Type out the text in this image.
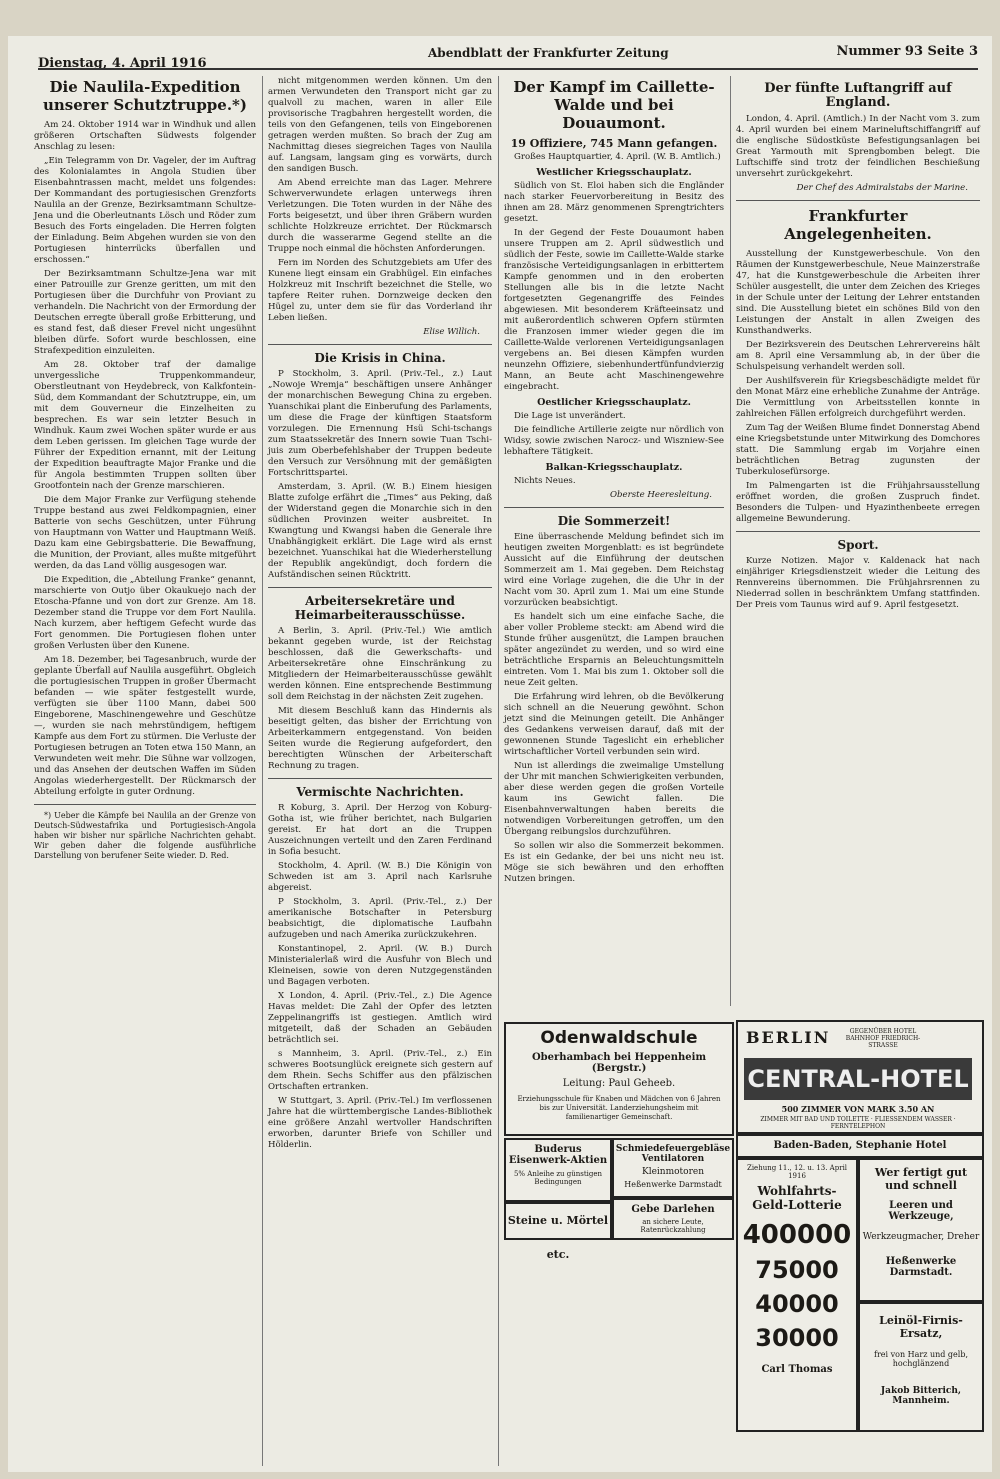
Dienstag, 4. April 1916
Abendblatt der Frankfurter Zeitung	Nummer 93 Seite 3
Die Naulila-Expedition unserer Schutztruppe.*)

Am 24. Oktober 1914 war in Windhuk und allen größeren Ortschaften Südwests folgender Anschlag zu lesen:

„Ein Telegramm von Dr. Vageler, der im Auftrag des Kolonialamtes in Angola Studien über Eisenbahntrassen macht, meldet uns folgendes: Der Kommandant des portugiesischen Grenzforts Naulila an der Grenze, Bezirksamtmann Schultze-Jena und die Oberleutnants Lösch und Röder zum Besuch des Forts eingeladen. Die Herren folgten der Einladung. Beim Abgehen wurden sie von den Portugiesen hinterrücks überfallen und erschossen.“

Der Bezirksamtmann Schultze-Jena war mit einer Patrouille zur Grenze geritten, um mit den Portugiesen über die Durchfuhr von Proviant zu verhandeln. Die Nachricht von der Ermordung der Deutschen erregte überall große Erbitterung, und es stand fest, daß dieser Frevel nicht ungesühnt bleiben dürfe. Sofort wurde beschlossen, eine Strafexpedition einzuleiten.

Am 28. Oktober traf der damalige unvergessliche Truppenkommandeur, Oberstleutnant von Heydebreck, von Kalkfontein-Süd, dem Kommandant der Schutztruppe, ein, um mit dem Gouverneur die Einzelheiten zu besprechen. Es war sein letzter Besuch in Windhuk. Kaum zwei Wochen später wurde er aus dem Leben gerissen. Im gleichen Tage wurde der Führer der Expedition ernannt, mit der Leitung der Expedition beauftragte Major Franke und die für Angola bestimmten Truppen sollten über Grootfontein nach der Grenze marschieren.

Die dem Major Franke zur Verfügung stehende Truppe bestand aus zwei Feldkompagnien, einer Batterie von sechs Geschützen, unter Führung von Hauptmann von Watter und Hauptmann Weiß. Dazu kam eine Gebirgsbatterie. Die Bewaffnung, die Munition, der Proviant, alles mußte mitgeführt werden, da das Land völlig ausgesogen war.

Die Expedition, die „Abteilung Franke“ genannt, marschierte von Outjo über Okaukuejo nach der Etoscha-Pfanne und von dort zur Grenze. Am 18. Dezember stand die Truppe vor dem Fort Naulila. Nach kurzem, aber heftigem Gefecht wurde das Fort genommen. Die Portugiesen flohen unter großen Verlusten über den Kunene.

Am 18. Dezember, bei Tagesanbruch, wurde der geplante Überfall auf Naulila ausgeführt. Obgleich die portugiesischen Truppen in großer Übermacht befanden — wie später festgestellt wurde, verfügten sie über 1100 Mann, dabei 500 Eingeborene, Maschinengewehre und Geschütze —, wurden sie nach mehrstündigem, heftigem Kampfe aus dem Fort zu stürmen. Die Verluste der Portugiesen betrugen an Toten etwa 150 Mann, an Verwundeten weit mehr. Die Sühne war vollzogen, und das Ansehen der deutschen Waffen im Süden Angolas wiederhergestellt. Der Rückmarsch der Abteilung erfolgte in guter Ordnung.

*) Ueber die Kämpfe bei Naulila an der Grenze von Deutsch-Südwestafrika und Portugiesisch-Angola haben wir bisher nur spärliche Nachrichten gehabt. Wir geben daher die folgende ausführliche Darstellung von berufener Seite wieder. D. Red.

nicht mitgenommen werden können. Um den armen Verwundeten den Transport nicht gar zu qualvoll zu machen, waren in aller Eile provisorische Tragbahren hergestellt worden, die teils von den Gefangenen, teils von Eingeborenen getragen werden mußten. So brach der Zug am Nachmittag dieses siegreichen Tages von Naulila auf. Langsam, langsam ging es vorwärts, durch den sandigen Busch.

Am Abend erreichte man das Lager. Mehrere Schwerverwundete erlagen unterwegs ihren Verletzungen. Die Toten wurden in der Nähe des Forts beigesetzt, und über ihren Gräbern wurden schlichte Holzkreuze errichtet. Der Rückmarsch durch die wasserarme Gegend stellte an die Truppe noch einmal die höchsten Anforderungen.

Fern im Norden des Schutzgebiets am Ufer des Kunene liegt einsam ein Grabhügel. Ein einfaches Holzkreuz mit Inschrift bezeichnet die Stelle, wo tapfere Reiter ruhen. Dornzweige decken den Hügel zu, unter dem sie für das Vorderland ihr Leben ließen.

Elise Willich.
Die Krisis in China.

P Stockholm, 3. April. (Priv.-Tel., z.) Laut „Nowoje Wremja“ beschäftigen unsere Anhänger der monarchischen Bewegung China zu ergeben. Yuanschikai plant die Einberufung des Parlaments, um diese die Frage der künftigen Staatsform vorzulegen. Die Ernennung Hsü Schi-tschangs zum Staatssekretär des Innern sowie Tuan Tschi-juis zum Oberbefehlshaber der Truppen bedeute den Versuch zur Versöhnung mit der gemäßigten Fortschrittspartei.

Amsterdam, 3. April. (W. B.) Einem hiesigen Blatte zufolge erfährt die „Times“ aus Peking, daß der Widerstand gegen die Monarchie sich in den südlichen Provinzen weiter ausbreitet. In Kwangtung und Kwangsi haben die Generale ihre Unabhängigkeit erklärt. Die Lage wird als ernst bezeichnet. Yuanschikai hat die Wiederherstellung der Republik angekündigt, doch fordern die Aufständischen seinen Rücktritt.

Arbeitersekretäre und Heimarbeiterausschüsse.

A Berlin, 3. April. (Priv.-Tel.) Wie amtlich bekannt gegeben wurde, ist der Reichstag beschlossen, daß die Gewerkschafts- und Arbeitersekretäre ohne Einschränkung zu Mitgliedern der Heimarbeiterausschüsse gewählt werden können. Eine entsprechende Bestimmung soll dem Reichstag in der nächsten Zeit zugehen.

Mit diesem Beschluß kann das Hindernis als beseitigt gelten, das bisher der Errichtung von Arbeiterkammern entgegenstand. Von beiden Seiten wurde die Regierung aufgefordert, den berechtigten Wünschen der Arbeiterschaft Rechnung zu tragen.

Vermischte Nachrichten.

R Koburg, 3. April. Der Herzog von Koburg-Gotha ist, wie früher berichtet, nach Bulgarien gereist. Er hat dort an die Truppen Auszeichnungen verteilt und den Zaren Ferdinand in Sofia besucht.

Stockholm, 4. April. (W. B.) Die Königin von Schweden ist am 3. April nach Karlsruhe abgereist.

P Stockholm, 3. April. (Priv.-Tel., z.) Der amerikanische Botschafter in Petersburg beabsichtigt, die diplomatische Laufbahn aufzugeben und nach Amerika zurückzukehren.

Konstantinopel, 2. April. (W. B.) Durch Ministerialerlaß wird die Ausfuhr von Blech und Kleineisen, sowie von deren Nutzgegenständen und Bagagen verboten.

X London, 4. April. (Priv.-Tel., z.) Die Agence Havas meldet: Die Zahl der Opfer des letzten Zeppelinangriffs ist gestiegen. Amtlich wird mitgeteilt, daß der Schaden an Gebäuden beträchtlich sei.

s Mannheim, 3. April. (Priv.-Tel., z.) Ein schweres Bootsunglück ereignete sich gestern auf dem Rhein. Sechs Schiffer aus den pfälzischen Ortschaften ertranken.

W Stuttgart, 3. April. (Priv.-Tel.) Im verflossenen Jahre hat die württembergische Landes-Bibliothek eine größere Anzahl wertvoller Handschriften erworben, darunter Briefe von Schiller und Hölderlin.

Der Kampf im Caillette-Walde und bei Douaumont.
19 Offiziere, 745 Mann gefangen.

Großes Hauptquartier, 4. April. (W. B. Amtlich.)

Westlicher Kriegsschauplatz.

Südlich von St. Eloi haben sich die Engländer nach starker Feuervorbereitung in Besitz des ihnen am 28. März genommenen Sprengtrichters gesetzt.

In der Gegend der Feste Douaumont haben unsere Truppen am 2. April südwestlich und südlich der Feste, sowie im Caillette-Walde starke französische Verteidigungsanlagen in erbittertem Kampfe genommen und in den eroberten Stellungen alle bis in die letzte Nacht fortgesetzten Gegenangriffe des Feindes abgewiesen. Mit besonderem Kräfteeinsatz und mit außerordentlich schweren Opfern stürmten die Franzosen immer wieder gegen die im Caillette-Walde verlorenen Verteidigungsanlagen vergebens an. Bei diesen Kämpfen wurden neunzehn Offiziere, siebenhundertfünfundvierzig Mann, an Beute acht Maschinengewehre eingebracht.

Oestlicher Kriegsschauplatz.

Die Lage ist unverändert.

Die feindliche Artillerie zeigte nur nördlich von Widsy, sowie zwischen Narocz- und Wiszniew-See lebhaftere Tätigkeit.

Balkan-Kriegsschauplatz.

Nichts Neues.

Oberste Heeresleitung.
Die Sommerzeit!

Eine überraschende Meldung befindet sich im heutigen zweiten Morgenblatt: es ist begründete Aussicht auf die Einführung der deutschen Sommerzeit am 1. Mai gegeben. Dem Reichstag wird eine Vorlage zugehen, die die Uhr in der Nacht vom 30. April zum 1. Mai um eine Stunde vorzurücken beabsichtigt.

Es handelt sich um eine einfache Sache, die aber voller Probleme steckt: am Abend wird die Stunde früher ausgenützt, die Lampen brauchen später angezündet zu werden, und so wird eine beträchtliche Ersparnis an Beleuchtungsmitteln eintreten. Vom 1. Mai bis zum 1. Oktober soll die neue Zeit gelten.

Die Erfahrung wird lehren, ob die Bevölkerung sich schnell an die Neuerung gewöhnt. Schon jetzt sind die Meinungen geteilt. Die Anhänger des Gedankens verweisen darauf, daß mit der gewonnenen Stunde Tageslicht ein erheblicher wirtschaftlicher Vorteil verbunden sein wird.

Nun ist allerdings die zweimalige Umstellung der Uhr mit manchen Schwierigkeiten verbunden, aber diese werden gegen die großen Vorteile kaum ins Gewicht fallen. Die Eisenbahnverwaltungen haben bereits die notwendigen Vorbereitungen getroffen, um den Übergang reibungslos durchzuführen.

So sollen wir also die Sommerzeit bekommen. Es ist ein Gedanke, der bei uns nicht neu ist. Möge sie sich bewähren und den erhofften Nutzen bringen.

Der fünfte Luftangriff auf England.

London, 4. April. (Amtlich.) In der Nacht vom 3. zum 4. April wurden bei einem Marineluftschiffangriff auf die englische Südostküste Befestigungsanlagen bei Great Yarmouth mit Sprengbomben belegt. Die Luftschiffe sind trotz der feindlichen Beschießung unversehrt zurückgekehrt.

Der Chef des Admiralstabs der Marine.
Frankfurter Angelegenheiten.

Ausstellung der Kunstgewerbeschule. Von den Räumen der Kunstgewerbeschule, Neue Mainzerstraße 47, hat die Kunstgewerbeschule die Arbeiten ihrer Schüler ausgestellt, die unter dem Zeichen des Krieges in der Schule unter der Leitung der Lehrer entstanden sind. Die Ausstellung bietet ein schönes Bild von den Leistungen der Anstalt in allen Zweigen des Kunsthandwerks.

Der Bezirksverein des Deutschen Lehrervereins hält am 8. April eine Versammlung ab, in der über die Schulspeisung verhandelt werden soll.

Der Aushilfsverein für Kriegsbeschädigte meldet für den Monat März eine erhebliche Zunahme der Anträge. Die Vermittlung von Arbeitsstellen konnte in zahlreichen Fällen erfolgreich durchgeführt werden.

Zum Tag der Weißen Blume findet Donnerstag Abend eine Kriegsbetstunde unter Mitwirkung des Domchores statt. Die Sammlung ergab im Vorjahre einen beträchtlichen Betrag zugunsten der Tuberkulosefürsorge.

Im Palmengarten ist die Frühjahrsausstellung eröffnet worden, die großen Zuspruch findet. Besonders die Tulpen- und Hyazinthenbeete erregen allgemeine Bewunderung.

Sport.

Kurze Notizen. Major v. Kaldenack hat nach einjähriger Kriegsdienstzeit wieder die Leitung des Rennvereins übernommen. Die Frühjahrsrennen zu Niederrad sollen in beschränktem Umfang stattfinden. Der Preis vom Taunus wird auf 9. April festgesetzt.

BERLIN	GEGENÜBER HOTEL BAHNHOF FRIEDRICH-STRASSE
CENTRAL-HOTEL
500 ZIMMER VON MARK 3.50 AN
ZIMMER MIT BAD UND TOILETTE · FLIESSENDEM WASSER · FERNTELEPHON
Baden-Baden, Stephanie Hotel
Odenwaldschule
Oberhambach bei Heppenheim (Bergstr.)
Leitung: Paul Geheeb.
Erziehungsschule für Knaben und Mädchen von 6 Jahren bis zur Universität. Landerziehungsheim mit familienartiger Gemeinschaft.
Buderus Eisenwerk-Aktien
5% Anleihe zu günstigen Bedingungen
Steine u. Mörtel etc.
Schmiedefeuergebläse Ventilatoren
Kleinmotoren
Heßenwerke Darmstadt
Gebe Darlehen
an sichere Leute, Ratenrückzahlung
Ziehung 11., 12. u. 13. April 1916
Wohlfahrts-Geld-Lotterie
400000
75000
40000
30000
Carl Thomas
Wer fertigt gut und schnell
Leeren und Werkzeuge,
Werkzeugmacher, Dreher
Heßenwerke Darmstadt.
Leinöl-Firnis-Ersatz,
frei von Harz und gelb, hochglänzend
Jakob Bitterich, Mannheim.
